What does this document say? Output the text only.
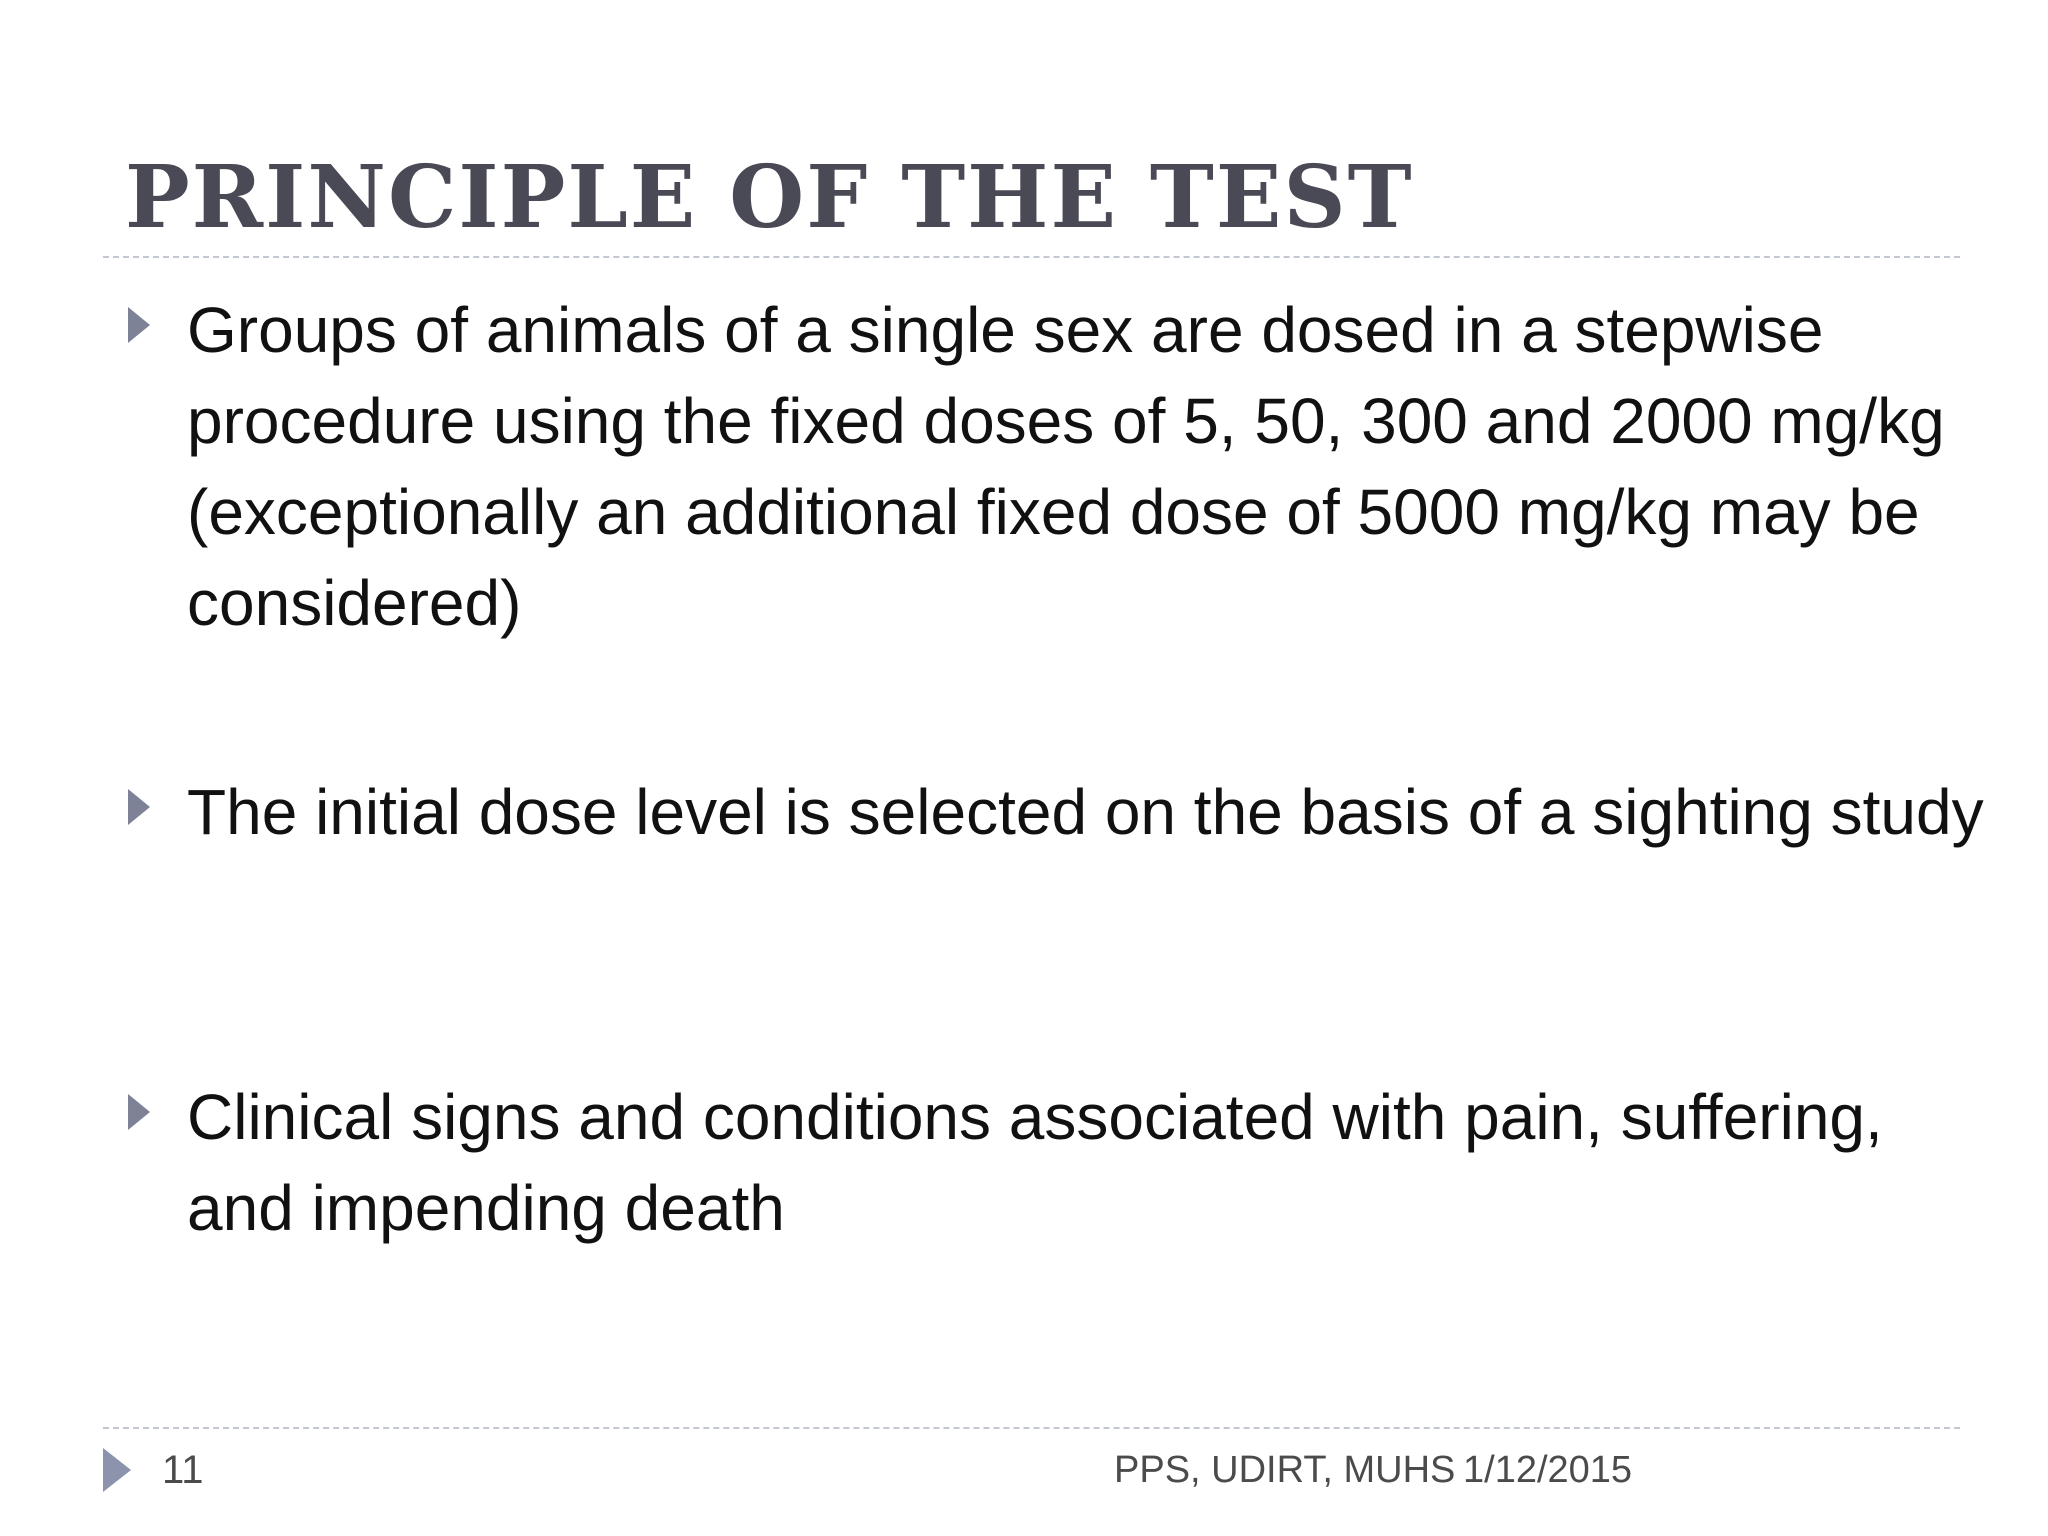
PRINCIPLE OF THE TEST

Groups of animals of a single sex are dosed in a stepwise procedure using the fixed doses of 5, 50, 300 and 2000 mg/kg (exceptionally an additional fixed dose of 5000 mg/kg may be considered)

The initial dose level is selected on the basis of a sighting study

Clinical signs and conditions associated with pain, suffering, and impending death

11	PPS, UDIRT, MUHS 1/12/2015
